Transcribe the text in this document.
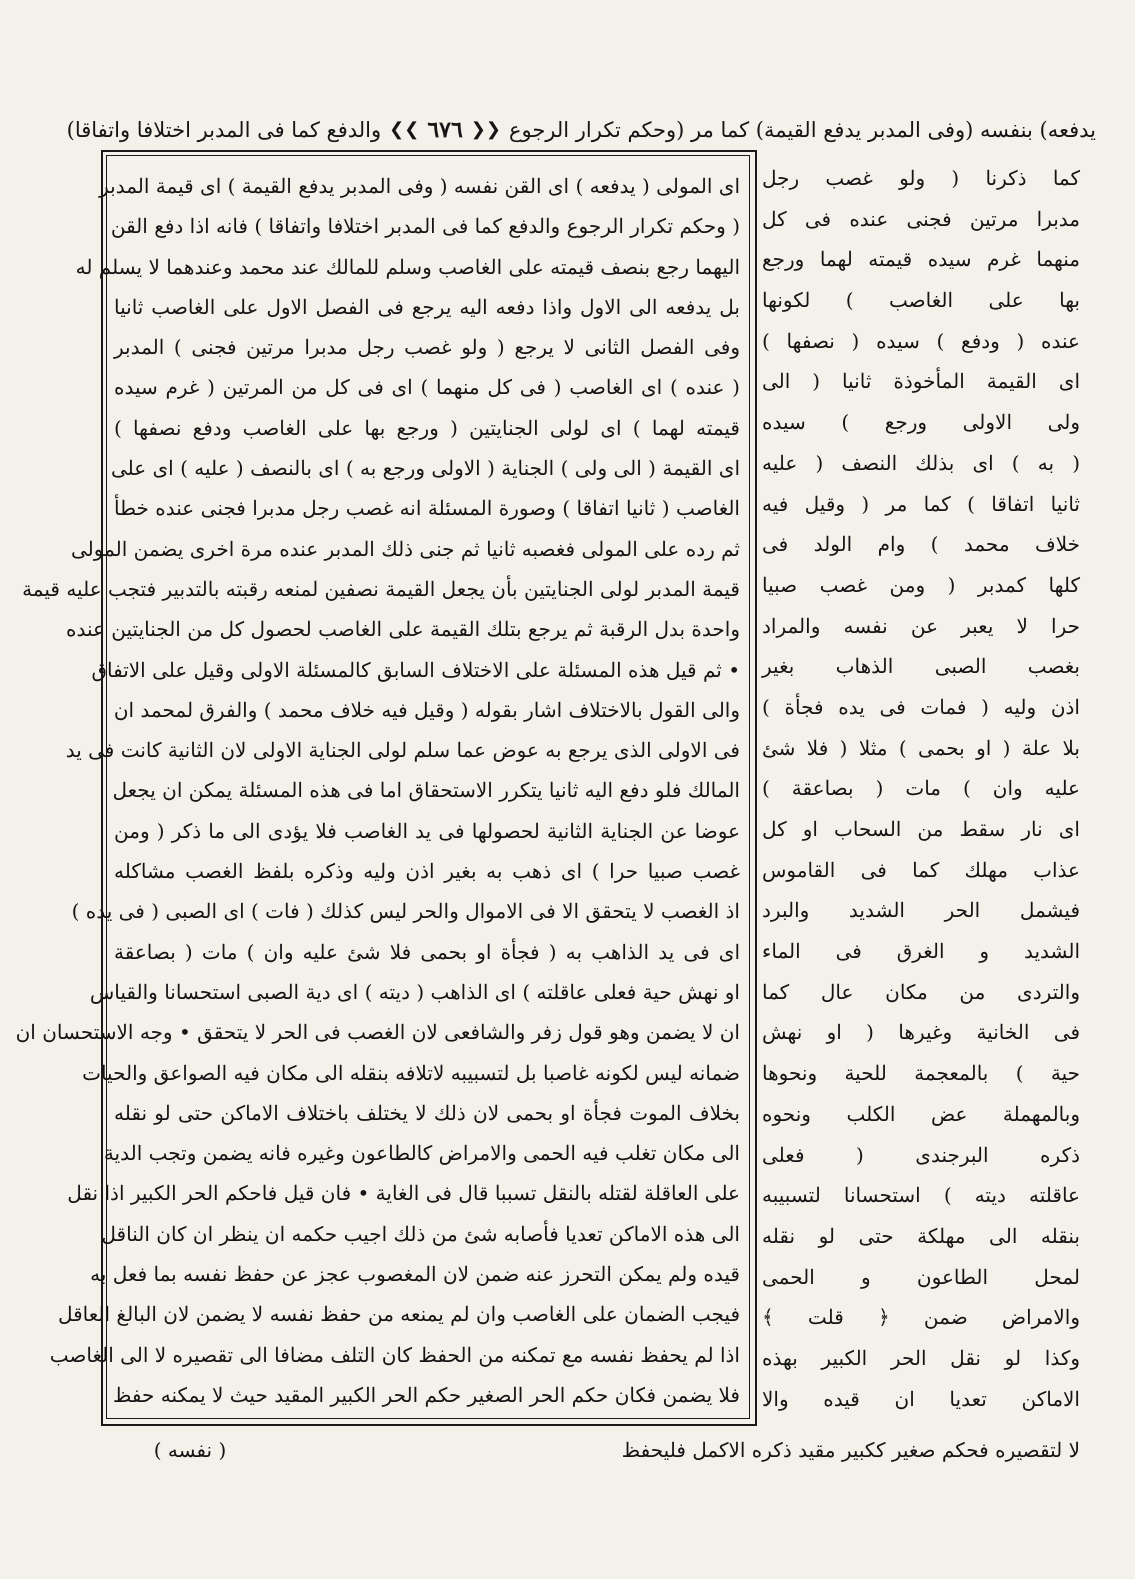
يدفعه) بنفسه (وفى المدبر يدفع القيمة) كما مر (وحكم تكرار الرجوع
❮❮
٦٧٦
❯❯
والدفع كما فى المدبر اختلافا واتفاقا)
اى المولى ( يدفعه ) اى القن نفسه ( وفى المدبر يدفع القيمة ) اى قيمة المدبر
( وحكم تكرار الرجوع والدفع كما فى المدبر اختلافا واتفاقا ) فانه اذا دفع القن
اليهما رجع بنصف قيمته على الغاصب وسلم للمالك عند محمد وعندهما لا يسلم له
بل يدفعه الى الاول واذا دفعه اليه يرجع فى الفصل الاول على الغاصب ثانيا
وفى الفصل الثانى لا يرجع ( ولو غصب رجل مدبرا مرتين فجنى ) المدبر
( عنده ) اى الغاصب ( فى كل منهما ) اى فى كل من المرتين ( غرم سيده
قيمته لهما ) اى لولى الجنايتين ( ورجع بها على الغاصب ودفع نصفها )
اى القيمة ( الى ولى ) الجناية ( الاولى ورجع به ) اى بالنصف ( عليه ) اى على
الغاصب ( ثانيا اتفاقا ) وصورة المسئلة انه غصب رجل مدبرا فجنى عنده خطأ
ثم رده على المولى فغصبه ثانيا ثم جنى ذلك المدبر عنده مرة اخرى يضمن المولى
قيمة المدبر لولى الجنايتين بأن يجعل القيمة نصفين لمنعه رقبته بالتدبير فتجب عليه قيمة
واحدة بدل الرقبة ثم يرجع بتلك القيمة على الغاصب لحصول كل من الجنايتين عنده
• ثم قيل هذه المسئلة على الاختلاف السابق كالمسئلة الاولى وقيل على الاتفاق
والى القول بالاختلاف اشار بقوله ( وقيل فيه خلاف محمد ) والفرق لمحمد ان
فى الاولى الذى يرجع به عوض عما سلم لولى الجناية الاولى لان الثانية كانت فى يد
المالك فلو دفع اليه ثانيا يتكرر الاستحقاق اما فى هذه المسئلة يمكن ان يجعل
عوضا عن الجناية الثانية لحصولها فى يد الغاصب فلا يؤدى الى ما ذكر ( ومن
غصب صبيا حرا ) اى ذهب به بغير اذن وليه وذكره بلفظ الغصب مشاكله
اذ الغصب لا يتحقق الا فى الاموال والحر ليس كذلك ( فات ) اى الصبى ( فى يده )
اى فى يد الذاهب به ( فجأة او بحمى فلا شئ عليه وان ) مات ( بصاعقة
او نهش حية فعلى عاقلته ) اى الذاهب ( ديته ) اى دية الصبى استحسانا والقياس
ان لا يضمن وهو قول زفر والشافعى لان الغصب فى الحر لا يتحقق • وجه الاستحسان ان
ضمانه ليس لكونه غاصبا بل لتسبيبه لاتلافه بنقله الى مكان فيه الصواعق والحيات
بخلاف الموت فجأة او بحمى لان ذلك لا يختلف باختلاف الاماكن حتى لو نقله
الى مكان تغلب فيه الحمى والامراض كالطاعون وغيره فانه يضمن وتجب الدية
على العاقلة لقتله بالنقل تسببا قال فى الغاية • فان قيل فاحكم الحر الكبير اذا نقل
الى هذه الاماكن تعديا فأصابه شئ من ذلك اجيب حكمه ان ينظر ان كان الناقل
قيده ولم يمكن التحرز عنه ضمن لان المغصوب عجز عن حفظ نفسه بما فعل به
فيجب الضمان على الغاصب وان لم يمنعه من حفظ نفسه لا يضمن لان البالغ العاقل
اذا لم يحفظ نفسه مع تمكنه من الحفظ كان التلف مضافا الى تقصيره لا الى الغاصب
فلا يضمن فكان حكم الحر الصغير حكم الحر الكبير المقيد حيث لا يمكنه حفظ
كما ذكرنا ( ولو غصب رجل
مدبرا مرتين فجنى عنده فى كل
منهما غرم سيده قيمته لهما ورجع
بها على الغاصب ) لكونها
عنده ( ودفع ) سيده ( نصفها )
اى القيمة المأخوذة ثانيا ( الى
ولى الاولى ورجع ) سيده
( به ) اى بذلك النصف ( عليه
ثانيا اتفاقا ) كما مر ( وقيل فيه
خلاف محمد ) وام الولد فى
كلها كمدبر ( ومن غصب صبيا
حرا لا يعبر عن نفسه والمراد
بغصب الصبى الذهاب بغير
اذن وليه ( فمات فى يده فجأة )
بلا علة ( او بحمى ) مثلا ( فلا شئ
عليه وان ) مات ( بصاعقة )
اى نار سقط من السحاب او كل
عذاب مهلك كما فى القاموس
فيشمل الحر الشديد والبرد
الشديد و الغرق فى الماء
والتردى من مكان عال كما
فى الخانية وغيرها ( او نهش
حية ) بالمعجمة للحية ونحوها
وبالمهملة عض الكلب ونحوه
ذكره البرجندى ( فعلى
عاقلته ديته ) استحسانا لتسبيبه
بنقله الى مهلكة حتى لو نقله
لمحل الطاعون و الحمى
والامراض ضمن ﴿ قلت ﴾
وكذا لو نقل الحر الكبير بهذه
الاماكن تعديا ان قيده والا
( نفسه )	لا لتقصيره فحكم صغير ككبير مقيد ذكره الاكمل فليحفظ
